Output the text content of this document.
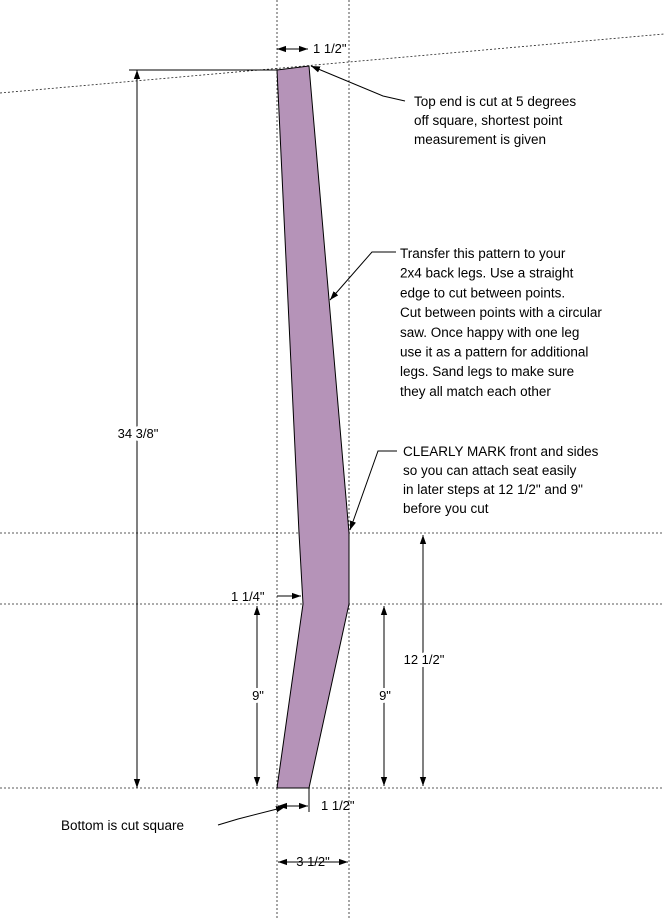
1 1/2"
34 3/8"
1 1/4"
9"	9"
12 1/2"
1 1/2"
3 1/2"
Top end is cut at 5 degrees off square, shortest point measurement is given
Transfer this pattern to your 2x4 back legs. Use a straight edge to cut between points. Cut between points with a circular saw. Once happy with one leg use it as a pattern for additional legs. Sand legs to make sure they all match each other
CLEARLY MARK front and sides so you can attach seat easily in later steps at 12 1/2" and 9" before you cut
Bottom is cut square
